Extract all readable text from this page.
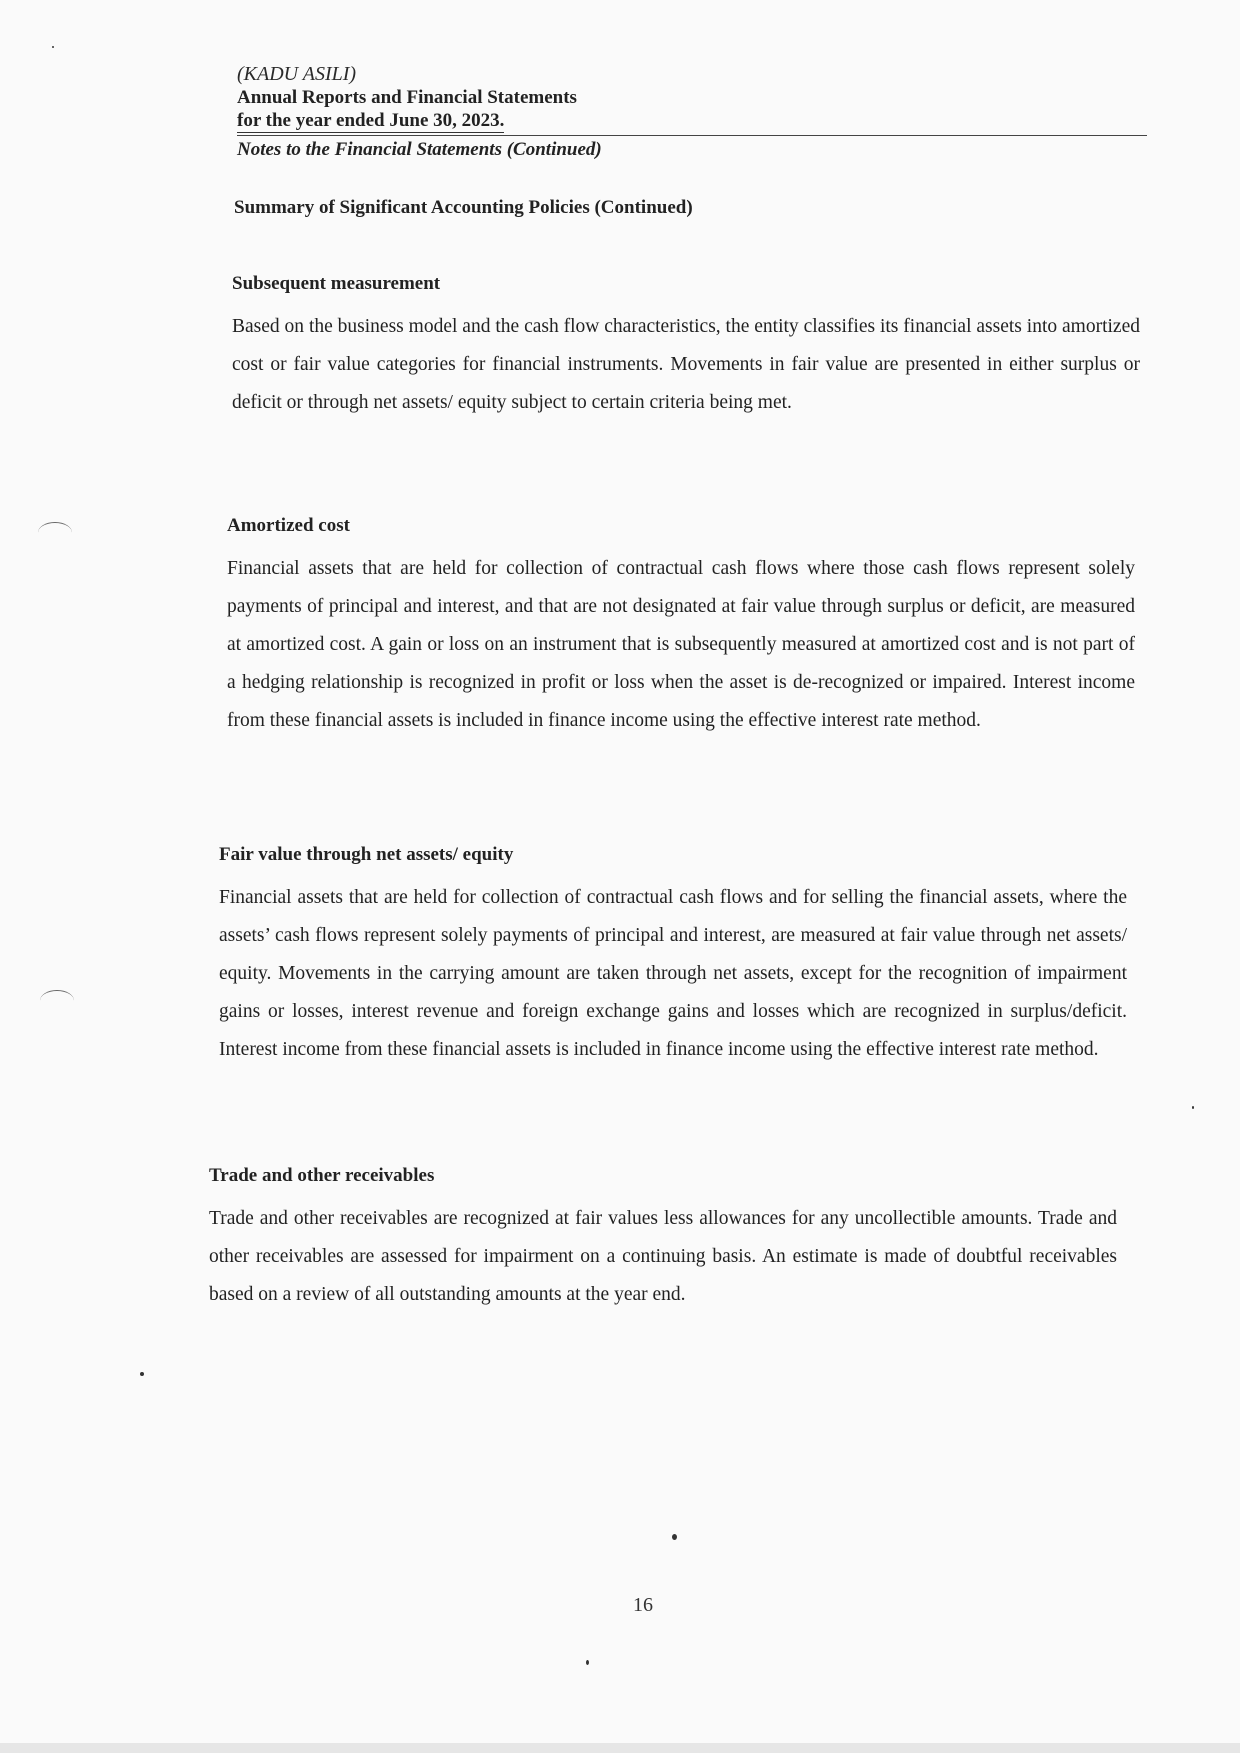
(KADU ASILI)

Annual Reports and Financial Statements

for the year ended June 30, 2023.

Notes to the Financial Statements (Continued)

Summary of Significant Accounting Policies (Continued)

Subsequent measurement

Based on the business model and the cash flow characteristics, the entity classifies its financial assets into amortized cost or fair value categories for financial instruments. Movements in fair value are presented in either surplus or deficit or through net assets/ equity subject to certain criteria being met.

Amortized cost

Financial assets that are held for collection of contractual cash flows where those cash flows represent solely payments of principal and interest, and that are not designated at fair value through surplus or deficit, are measured at amortized cost. A gain or loss on an instrument that is subsequently measured at amortized cost and is not part of a hedging relationship is recognized in profit or loss when the asset is de-recognized or impaired. Interest income from these financial assets is included in finance income using the effective interest rate method.

Fair value through net assets/ equity

Financial assets that are held for collection of contractual cash flows and for selling the financial assets, where the assets’ cash flows represent solely payments of principal and interest, are measured at fair value through net assets/ equity. Movements in the carrying amount are taken through net assets, except for the recognition of impairment gains or losses, interest revenue and foreign exchange gains and losses which are recognized in surplus/deficit. Interest income from these financial assets is included in finance income using the effective interest rate method.

Trade and other receivables

Trade and other receivables are recognized at fair values less allowances for any uncollectible amounts. Trade and other receivables are assessed for impairment on a continuing basis. An estimate is made of doubtful receivables based on a review of all outstanding amounts at the year end.

16
